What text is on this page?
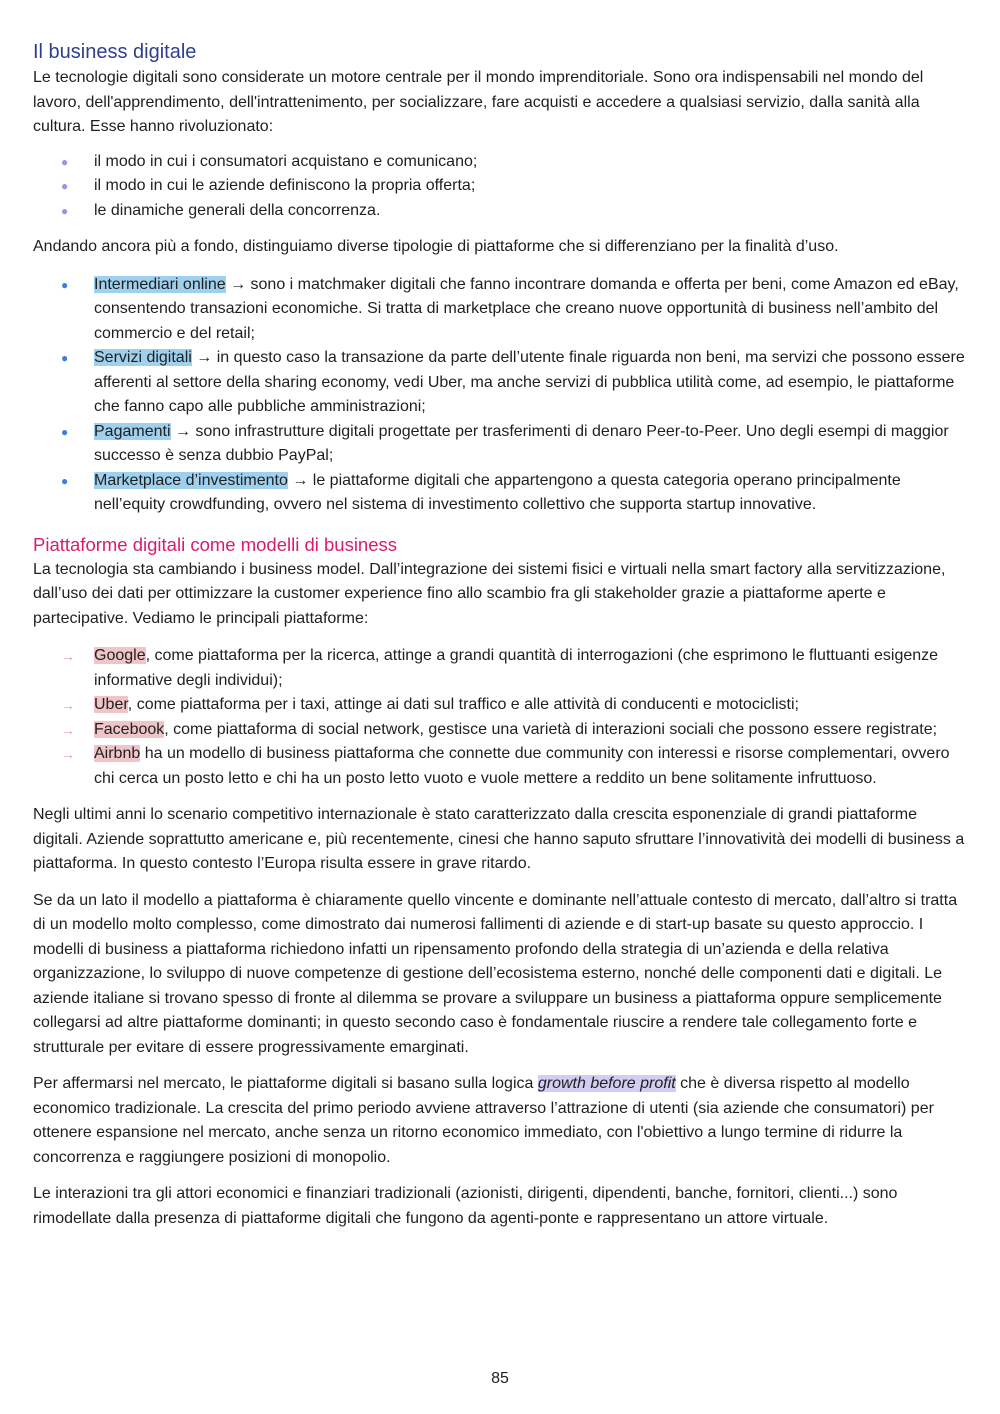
Il business digitale

Le tecnologie digitali sono considerate un motore centrale per il mondo imprenditoriale. Sono ora indispensabili nel mondo del lavoro, dell'apprendimento, dell'intrattenimento, per socializzare, fare acquisti e accedere a qualsiasi servizio, dalla sanità alla cultura. Esse hanno rivoluzionato:

● il modo in cui i consumatori acquistano e comunicano;
● il modo in cui le aziende definiscono la propria offerta;
● le dinamiche generali della concorrenza.

Andando ancora più a fondo, distinguiamo diverse tipologie di piattaforme che si differenziano per la finalità d’uso.

● Intermediari online → sono i matchmaker digitali che fanno incontrare domanda e offerta per beni, come Amazon ed eBay, consentendo transazioni economiche. Si tratta di marketplace che creano nuove opportunità di business nell’ambito del commercio e del retail;
● Servizi digitali → in questo caso la transazione da parte dell’utente finale riguarda non beni, ma servizi che possono essere afferenti al settore della sharing economy, vedi Uber, ma anche servizi di pubblica utilità come, ad esempio, le piattaforme che fanno capo alle pubbliche amministrazioni;
● Pagamenti → sono infrastrutture digitali progettate per trasferimenti di denaro Peer-to-Peer. Uno degli esempi di maggior successo è senza dubbio PayPal;
● Marketplace d’investimento → le piattaforme digitali che appartengono a questa categoria operano principalmente nell’equity crowdfunding, ovvero nel sistema di investimento collettivo che supporta startup innovative.
Piattaforme digitali come modelli di business

La tecnologia sta cambiando i business model. Dall’integrazione dei sistemi fisici e virtuali nella smart factory alla servitizzazione, dall’uso dei dati per ottimizzare la customer experience fino allo scambio fra gli stakeholder grazie a piattaforme aperte e partecipative. Vediamo le principali piattaforme:

→ Google, come piattaforma per la ricerca, attinge a grandi quantità di interrogazioni (che esprimono le fluttuanti esigenze informative degli individui);
→ Uber, come piattaforma per i taxi, attinge ai dati sul traffico e alle attività di conducenti e motociclisti;
→ Facebook, come piattaforma di social network, gestisce una varietà di interazioni sociali che possono essere registrate;
→ Airbnb ha un modello di business piattaforma che connette due community con interessi e risorse complementari, ovvero chi cerca un posto letto e chi ha un posto letto vuoto e vuole mettere a reddito un bene solitamente infruttuoso.

Negli ultimi anni lo scenario competitivo internazionale è stato caratterizzato dalla crescita esponenziale di grandi piattaforme digitali. Aziende soprattutto americane e, più recentemente, cinesi che hanno saputo sfruttare l’innovatività dei modelli di business a piattaforma. In questo contesto l’Europa risulta essere in grave ritardo.

Se da un lato il modello a piattaforma è chiaramente quello vincente e dominante nell’attuale contesto di mercato, dall’altro si tratta di un modello molto complesso, come dimostrato dai numerosi fallimenti di aziende e di start-up basate su questo approccio. I modelli di business a piattaforma richiedono infatti un ripensamento profondo della strategia di un’azienda e della relativa organizzazione, lo sviluppo di nuove competenze di gestione dell’ecosistema esterno, nonché delle componenti dati e digitali. Le aziende italiane si trovano spesso di fronte al dilemma se provare a sviluppare un business a piattaforma oppure semplicemente collegarsi ad altre piattaforme dominanti; in questo secondo caso è fondamentale riuscire a rendere tale collegamento forte e strutturale per evitare di essere progressivamente emarginati.

Per affermarsi nel mercato, le piattaforme digitali si basano sulla logica growth before profit che è diversa rispetto al modello economico tradizionale. La crescita del primo periodo avviene attraverso l’attrazione di utenti (sia aziende che consumatori) per ottenere espansione nel mercato, anche senza un ritorno economico immediato, con l'obiettivo a lungo termine di ridurre la concorrenza e raggiungere posizioni di monopolio.

Le interazioni tra gli attori economici e finanziari tradizionali (azionisti, dirigenti, dipendenti, banche, fornitori, clienti...) sono rimodellate dalla presenza di piattaforme digitali che fungono da agenti-ponte e rappresentano un attore virtuale.

85
